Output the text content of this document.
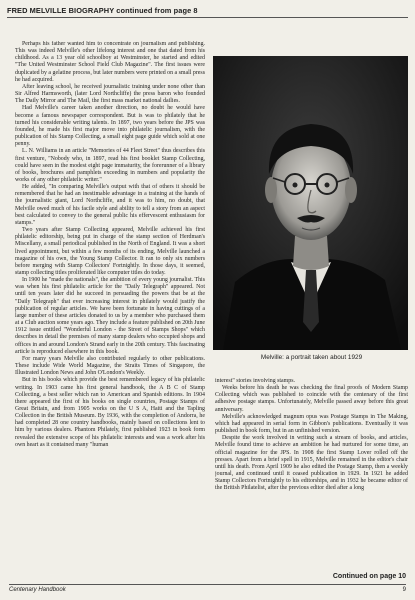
FRED MELVILLE BIOGRAPHY continued from page 8

Perhaps his father wanted him to concentrate on journalism and publishing. This was indeed Melville's other lifelong interest and one that dated from his childhood. As a 13 year old schoolboy at Westminster, he started and edited "The United Westminster School Field Club Magazine". The first issues were duplicated by a gelatine process, but later numbers were printed on a small press he had acquired.

After leaving school, he received journalistic training under none other than Sir Alfred Harmsworth, (later Lord Northcliffe) the press baron who founded The Daily Mirror and The Mail, the first mass market national dailies.

Had Melville's career taken another direction, no doubt he would have become a famous newspaper correspondent. But is was to philately that he turned his considerable writing talents. In 1897, two years before the JPS was founded, he made his first major move into philatelic journalism, with the publication of his Stamp Collecting, a small eight page guide which sold at one penny.

L. N. Williams in an article "Memories of 44 Fleet Street" thus describes this first venture, "Nobody who, in 1897, read his first booklet Stamp Collecting, could have seen in the modest eight page immaturity, the forerunner of a library of books, brochures and pamphlets exceeding in numbers and popularity the works of any other philatelic writer."

He added, "In comparing Melville's output with that of others it should be remembered that he had an inestimable advantage in a training at the hands of the journalistic giant, Lord Northcliffe, and it was to him, no doubt, that Melville owed much of his facile style and ability to tell a story from an aspect best calculated to convey to the general public his effervescent enthusiasm for stamps."

Two years after Stamp Collecting appeared, Melville achieved his first philatelic editorship, being put in charge of the stamp section of Herdman's Miscellany, a small periodical published in the North of England. It was a short lived appointment, but within a few months of its ending, Melville launched a magazine of his own, the Young Stamp Collector. It ran to only six numbers before merging with Stamp Collectors' Fortnightly. In those days, it seemed, stamp collecting titles proliferated like computer titles do today.

In 1900 he "made the nationals", the ambition of every young journalist. This was when his first philatelic article for the "Daily Telegraph" appeared. Not until ten years later did he succeed in persuading the powers that be at the "Daily Telegraph" that ever increasing interest in philately would justify the publication of regular articles. We have been fortunate in having cuttings of a large number of these articles donated to us by a member who purchased them at a Club auction some years ago. They include a feature published on 20th June 1912 issue entitled "Wonderful London - the Street of Stamps Shops" which describes in detail the premises of many stamp dealers who occupied shops and offices in and around London's Strand early in the 20th century. This fascinating article is reproduced elsewhere in this book.

For many years Melville also contributed regularly to other publications. These include Wide World Magazine, the Straits Times of Singapore, the Illustrated London News and John O'London's Weekly.

But in his books which provide the best remembered legacy of his philatelic writing. In 1903 came his first general handbook, the A B C of Stamp Collecting, a best seller which ran to American and Spanish editions. In 1904 there appeared the first of his books on single countries, Postage Stamps of Great Britain, and from 1905 works on the U S A, Haiti and the Tapling Collection in the British Museum. By 1936, with the completion of Andorra, he had completed 28 one country handbooks, mainly based on collections lent to him by various dealers. Phantom Philately, first published 1923 in book form revealed the extensive scope of his philatelic interests and was a work after his own heart as it contained many "human

Melville: a portrait taken about 1929

interest" stories involving stamps.

Weeks before his death he was checking the final proofs of Modern Stamp Collecting which was published to coincide with the centenary of the first adhesive postage stamps. Unfortunately, Melville passed away before this great anniversary.

Melville's acknowledged magnum opus was Postage Stamps in The Making, which had appeared in serial form in Gibbon's publications. Eventually it was published in book form, but in an unfinished version.

Despite the work involved in writing such a stream of books, and articles, Melville found time to achieve an ambition he had nurtured for some time, an official magazine for the JPS. In 1908 the first Stamp Lover rolled off the presses. Apart from a brief spell in 1915, Melville remained in the editor's chair until his death. From April 1909 he also edited the Postage Stamp, then a weekly journal, and continued until it ceased publication in 1929. In 1921 he added Stamp Collectors Fortnightly to his editorships, and in 1932 he became editor of the British Philatelist, after the previous editor died after a long

Continued on page 10
Centenary Handbook	9
